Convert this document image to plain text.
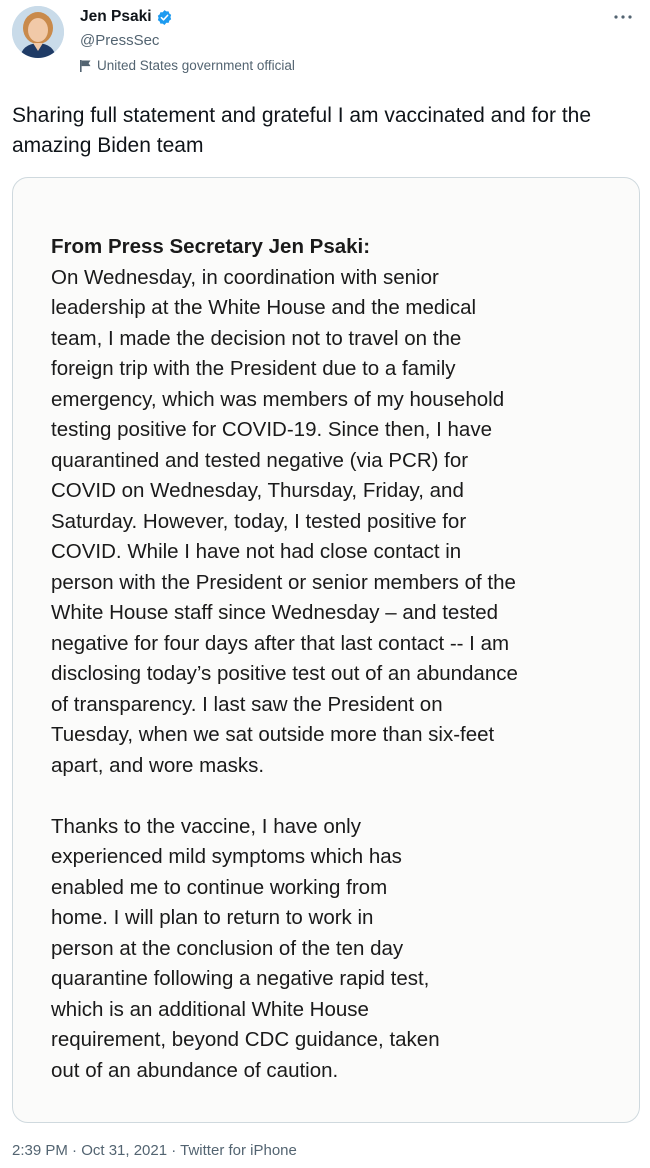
Jen Psaki
@PressSec
United States government official
Sharing full statement and grateful I am vaccinated and for the amazing Biden team

From Press Secretary Jen Psaki:

On Wednesday, in coordination with senior
leadership at the White House and the medical
team, I made the decision not to travel on the
foreign trip with the President due to a family
emergency, which was members of my household
testing positive for COVID-19. Since then, I have
quarantined and tested negative (via PCR) for
COVID on Wednesday, Thursday, Friday, and
Saturday. However, today, I tested positive for
COVID. While I have not had close contact in
person with the President or senior members of the
White House staff since Wednesday – and tested
negative for four days after that last contact -- I am
disclosing today’s positive test out of an abundance
of transparency. I last saw the President on
Tuesday, when we sat outside more than six-feet
apart, and wore masks.

Thanks to the vaccine, I have only
experienced mild symptoms which has
enabled me to continue working from
home. I will plan to return to work in
person at the conclusion of the ten day
quarantine following a negative rapid test,
which is an additional White House
requirement, beyond CDC guidance, taken
out of an abundance of caution.

2:39 PM · Oct 31, 2021 · Twitter for iPhone
